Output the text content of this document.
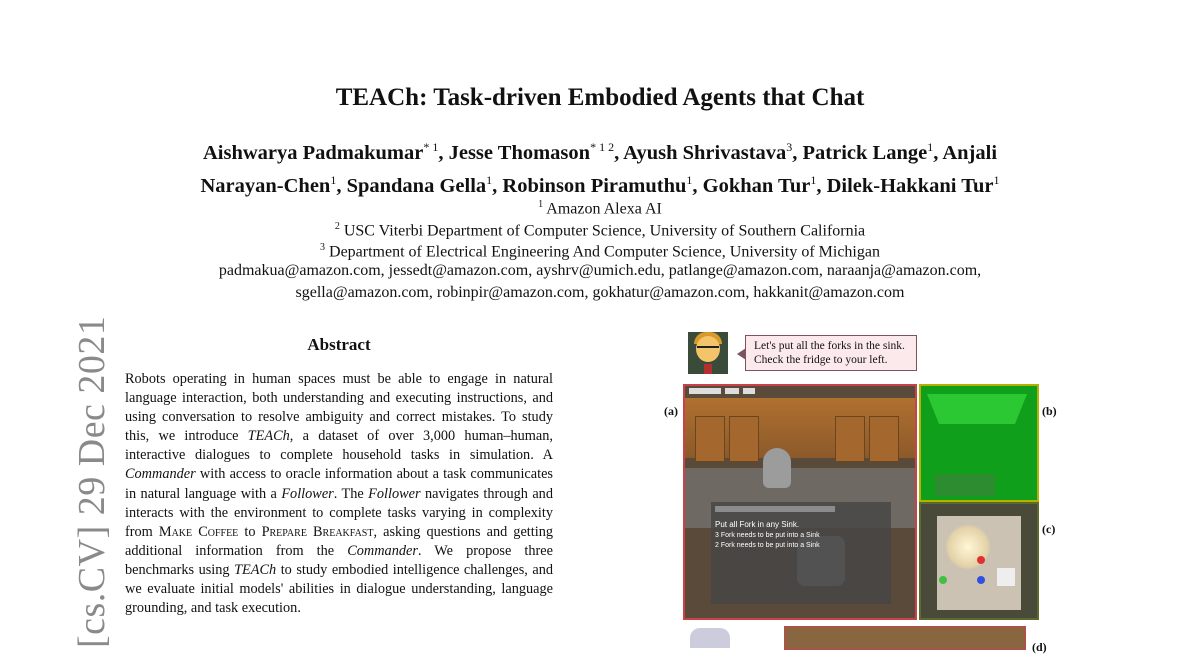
[cs.CV] 29 Dec 2021
TEACh: Task-driven Embodied Agents that Chat
Aishwarya Padmakumar$^{* 1}$, Jesse Thomason$^{* 1 2}$, Ayush Shrivastava$^3$, Patrick Lange$^1$, Anjali
Narayan-Chen$^1$, Spandana Gella$^1$, Robinson Piramuthu$^1$, Gokhan Tur$^1$, Dilek-Hakkani Tur$^1$
$^1$ Amazon Alexa AI
$^2$ USC Viterbi Department of Computer Science, University of Southern California
$^3$ Department of Electrical Engineering And Computer Science, University of Michigan
padmakua@amazon.com, jessedt@amazon.com, ayshrv@umich.edu, patlange@amazon.com, naraanja@amazon.com,
sgella@amazon.com, robinpir@amazon.com, gokhatur@amazon.com, hakkanit@amazon.com
Abstract
Robots operating in human spaces must be able to engage in natural language interaction, both understanding and executing instructions, and using conversation to resolve ambiguity and correct mistakes. To study this, we introduce TEACh, a dataset of over 3,000 human–human, interactive dialogues to complete household tasks in simulation. A Commander with access to oracle information about a task communicates in natural language with a Follower. The Follower navigates through and interacts with the environment to complete tasks varying in complexity from Make Coffee to Prepare Breakfast, asking questions and getting additional information from the Commander. We propose three benchmarks using TEACh to study embodied intelligence challenges, and we evaluate initial models' abilities in dialogue understanding, language grounding, and task execution.
Let's put all the forks in the sink.
Check the fridge to your left.
(a)
Put all Fork in any Sink.
3 Fork needs to be put into a Sink
2 Fork needs to be put into a Sink
(b)
(c)
(d)
